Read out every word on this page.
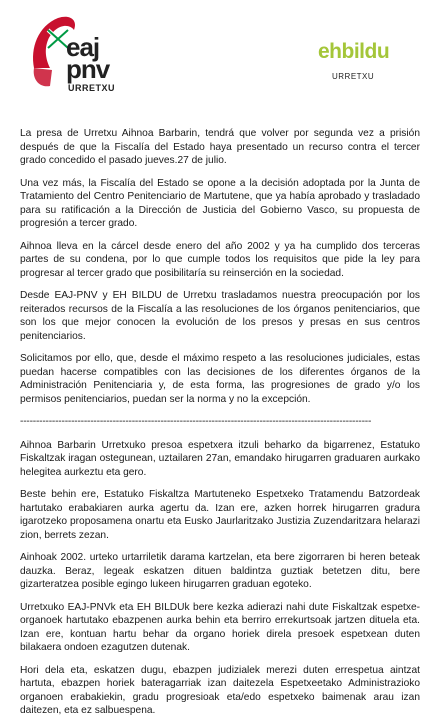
eaj
pnv
URRETXU
ehbildu
URRETXU

La presa de Urretxu Aihnoa Barbarin, tendrá que volver por segunda vez a prisión después de que la Fiscalía del Estado haya presentado un recurso contra el tercer grado concedido el pasado jueves.27 de julio.

Una vez más, la Fiscalía del Estado se opone a la decisión adoptada por la Junta de Tratamiento del Centro Penitenciario de Martutene, que ya había aprobado y trasladado para su ratificación a la Dirección de Justicia del Gobierno Vasco, su propuesta de progresión a tercer grado.

Aihnoa lleva en la cárcel desde enero del año 2002 y ya ha cumplido dos terceras partes de su condena, por lo que cumple todos los requisitos que pide la ley para progresar al tercer grado que posibilitaría su reinserción en la sociedad.

Desde EAJ-PNV y EH BILDU de Urretxu trasladamos nuestra preocupación por los reiterados recursos de la Fiscalía a las resoluciones de los órganos penitenciarios, que son los que mejor conocen la evolución de los presos y presas en sus centros penitenciarios.

Solicitamos por ello, que, desde el máximo respeto a las resoluciones judiciales, estas puedan hacerse compatibles con las decisiones de los diferentes órganos de la Administración Penitenciaria y, de esta forma, las progresiones de grado y/o los permisos penitenciarios, puedan ser la norma y no la excepción.

--------------------------------------------------------------------------------------------------------------

Aihnoa Barbarin Urretxuko presoa espetxera itzuli beharko da bigarrenez, Estatuko Fiskaltzak iragan ostegunean, uztailaren 27an, emandako hirugarren graduaren aurkako helegitea aurkeztu eta gero.

Beste behin ere, Estatuko Fiskaltza Martuteneko Espetxeko Tratamendu Batzordeak hartutako erabakiaren aurka agertu da. Izan ere, azken horrek hirugarren gradura igarotzeko proposamena onartu eta Eusko Jaurlaritzako Justizia Zuzendaritzara helarazi zion, berrets zezan.

Ainhoak 2002. urteko urtarriletik darama kartzelan, eta bere zigorraren bi heren beteak dauzka. Beraz, legeak eskatzen dituen baldintza guztiak betetzen ditu, bere gizarteratzea posible egingo lukeen hirugarren graduan egoteko.

Urretxuko EAJ-PNVk eta EH BILDUk bere kezka adierazi nahi dute Fiskaltzak espetxe-organoek hartutako ebazpenen aurka behin eta berriro errekurtsoak jartzen dituela eta. Izan ere, kontuan hartu behar da organo horiek direla presoek espetxean duten bilakaera ondoen ezagutzen dutenak.

Hori dela eta, eskatzen dugu, ebazpen judizialek merezi duten errespetua aintzat hartuta, ebazpen horiek bateragarriak izan daitezela Espetxeetako Administrazioko organoen erabakiekin, gradu progresioak eta/edo espetxeko baimenak arau izan daitezen, eta ez salbuespena.
